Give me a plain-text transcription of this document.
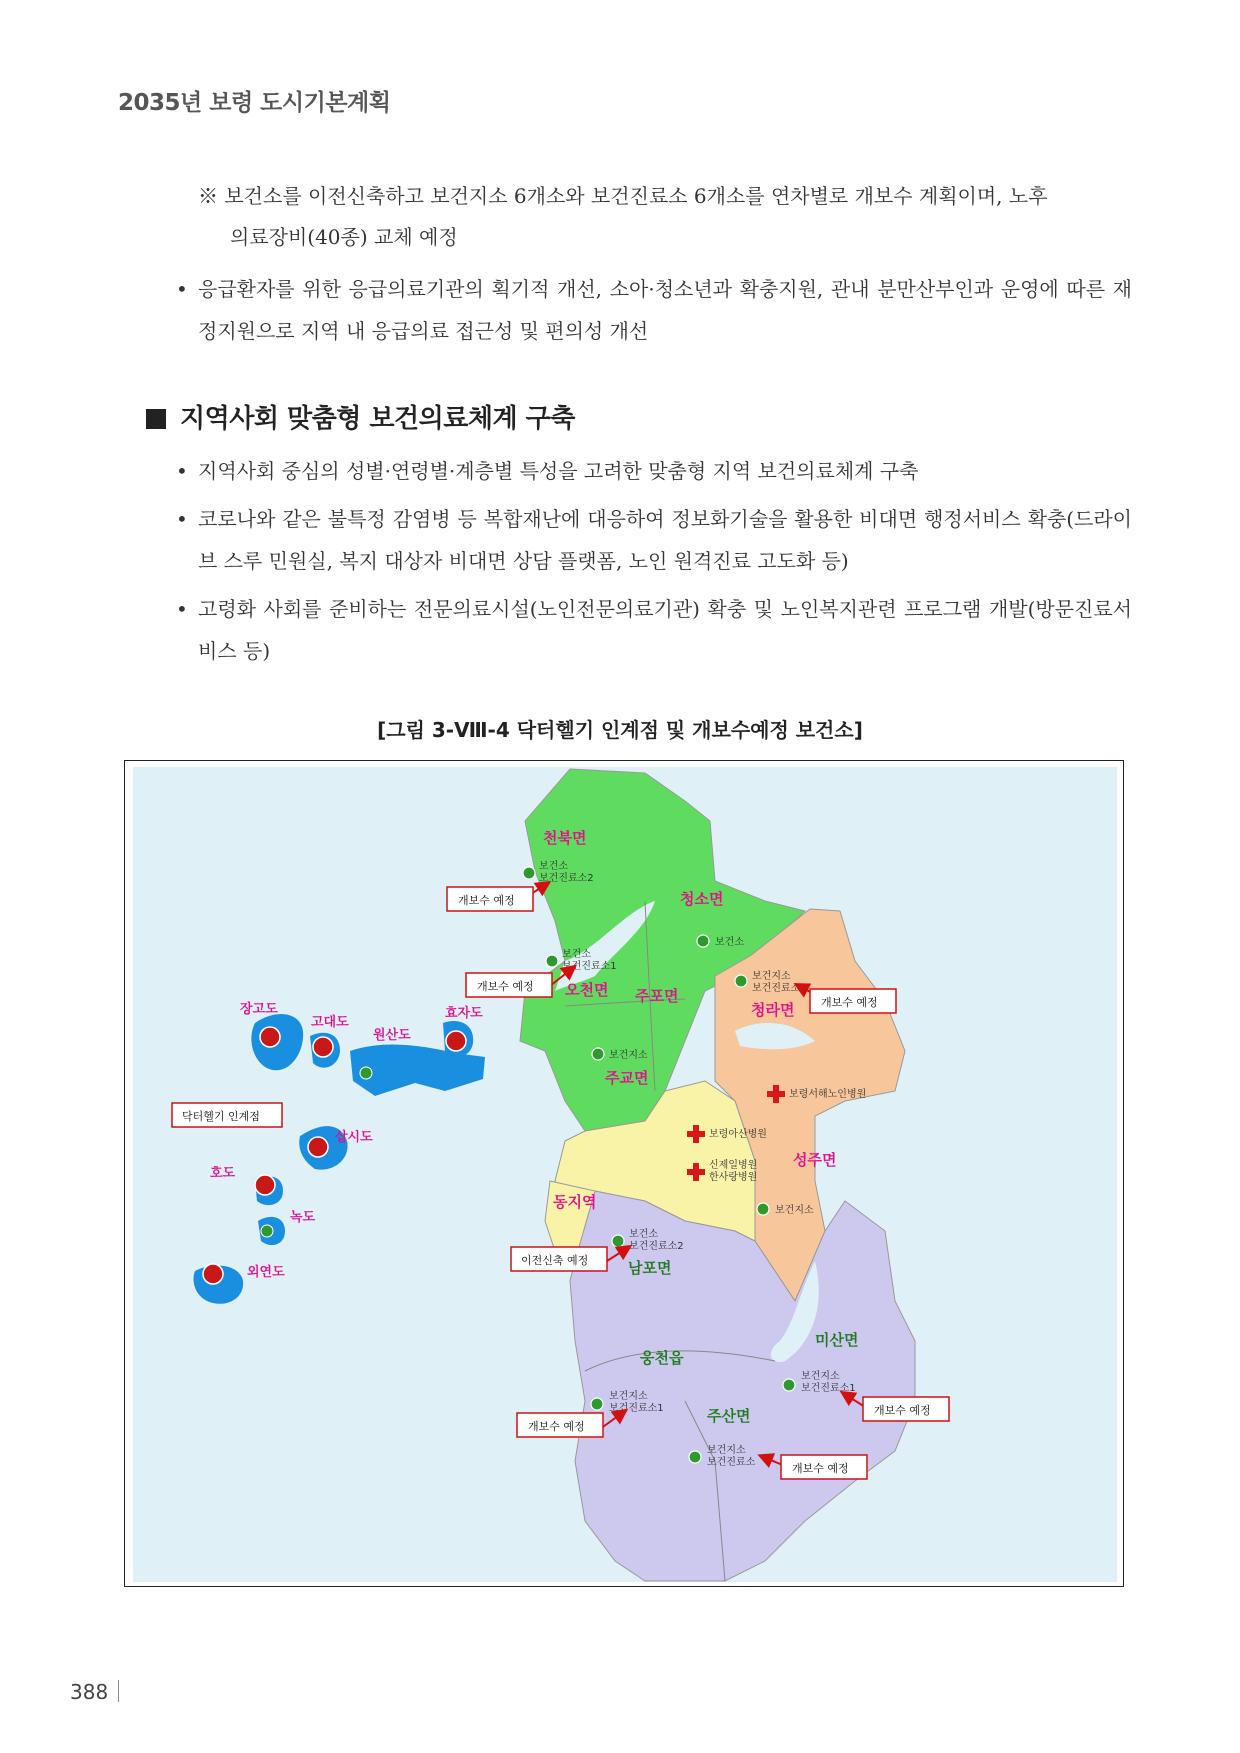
2035년 보령 도시기본계획
※ 보건소를 이전신축하고 보건지소 6개소와 보건진료소 6개소를 연차별로 개보수 계획이며, 노후
의료장비(40종) 교체 예정
• 응급환자를 위한 응급의료기관의 획기적 개선, 소아·청소년과 확충지원, 관내 분만산부인과 운영에 따른 재정지원으로 지역 내 응급의료 접근성 및 편의성 개선
지역사회 맞춤형 보건의료체계 구축
• 지역사회 중심의 성별·연령별·계층별 특성을 고려한 맞춤형 지역 보건의료체계 구축
• 코로나와 같은 불특정 감염병 등 복합재난에 대응하여 정보화기술을 활용한 비대면 행정서비스 확충(드라이브 스루 민원실, 복지 대상자 비대면 상담 플랫폼, 노인 원격진료 고도화 등)
• 고령화 사회를 준비하는 전문의료시설(노인전문의료기관) 확충 및 노인복지관련 프로그램 개발(방문진료서비스 등)
[그림 3-Ⅷ-4 닥터헬기 인계점 및 개보수예정 보건소]
장고도
고대도
원산도
효자도
삽시도
호도
녹도
외연도
천북면
청소면
오천면 주포면
청라면
주교면
성주면
동지역
남포면
웅천읍
미산면
주산면
보건소
보건진료소2
보건소
보건소
보건진료소1
보건지소
보건진료소1
보건지소
보령서해노인병원
보령아산병원
신제일병원
한사랑병원
보건지소
보건소
보건진료소2
보건지소
보건진료소1
보건지소
보건진료소1
보건지소
보건진료소
개보수 예정
개보수 예정
개보수 예정
닥터헬기 인계점
이전신축 예정
개보수 예정
개보수 예정
개보수 예정
388
